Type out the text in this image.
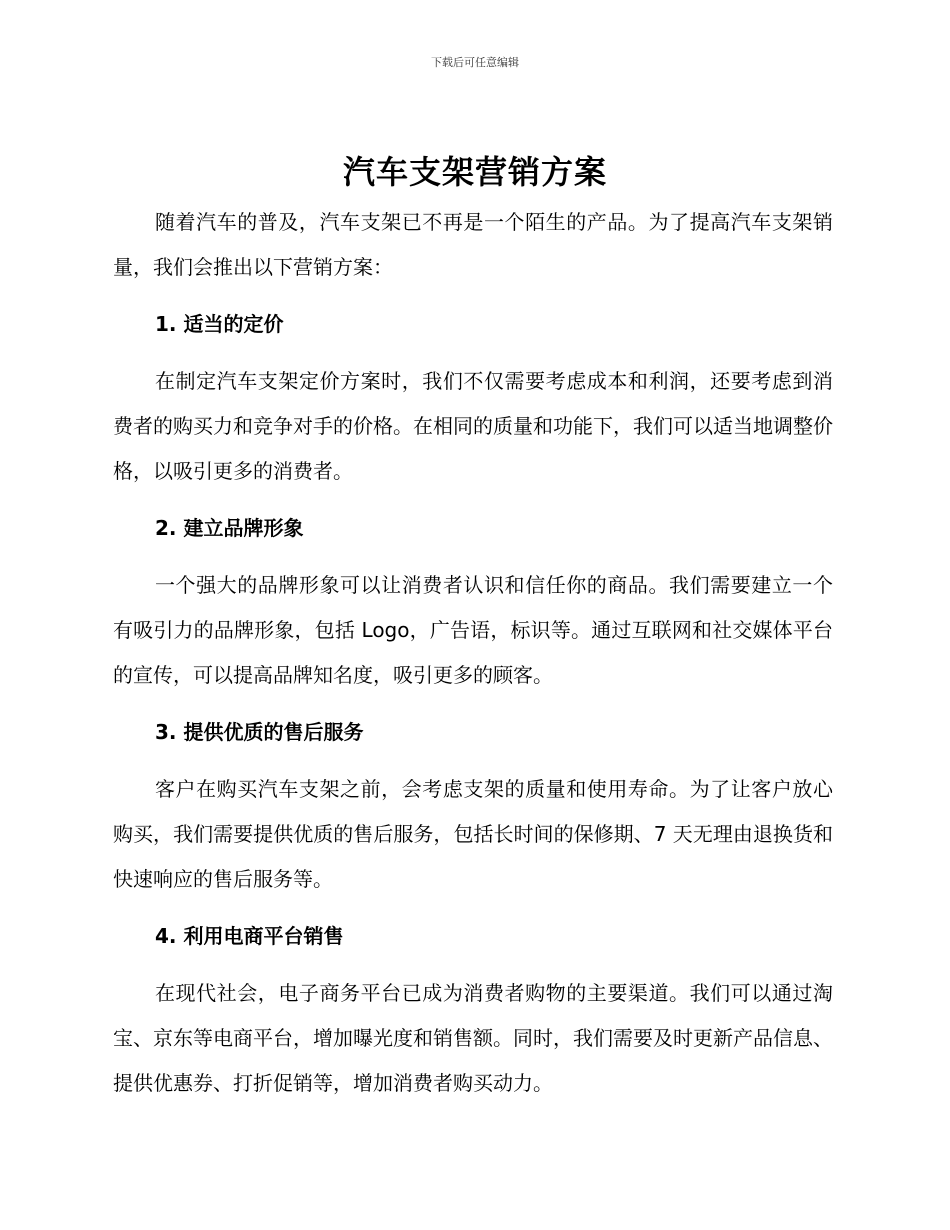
下载后可任意编辑
汽车支架营销方案

随着汽车的普及，汽车支架已不再是一个陌生的产品。为了提高汽车支架销量，我们会推出以下营销方案：

1. 适当的定价

在制定汽车支架定价方案时，我们不仅需要考虑成本和利润，还要考虑到消费者的购买力和竞争对手的价格。在相同的质量和功能下，我们可以适当地调整价格，以吸引更多的消费者。

2. 建立品牌形象

一个强大的品牌形象可以让消费者认识和信任你的商品。我们需要建立一个有吸引力的品牌形象，包括 Logo，广告语，标识等。通过互联网和社交媒体平台的宣传，可以提高品牌知名度，吸引更多的顾客。

3. 提供优质的售后服务

客户在购买汽车支架之前，会考虑支架的质量和使用寿命。为了让客户放心购买，我们需要提供优质的售后服务，包括长时间的保修期、7 天无理由退换货和快速响应的售后服务等。

4. 利用电商平台销售

在现代社会，电子商务平台已成为消费者购物的主要渠道。我们可以通过淘宝、京东等电商平台，增加曝光度和销售额。同时，我们需要及时更新产品信息、提供优惠券、打折促销等，增加消费者购买动力。
